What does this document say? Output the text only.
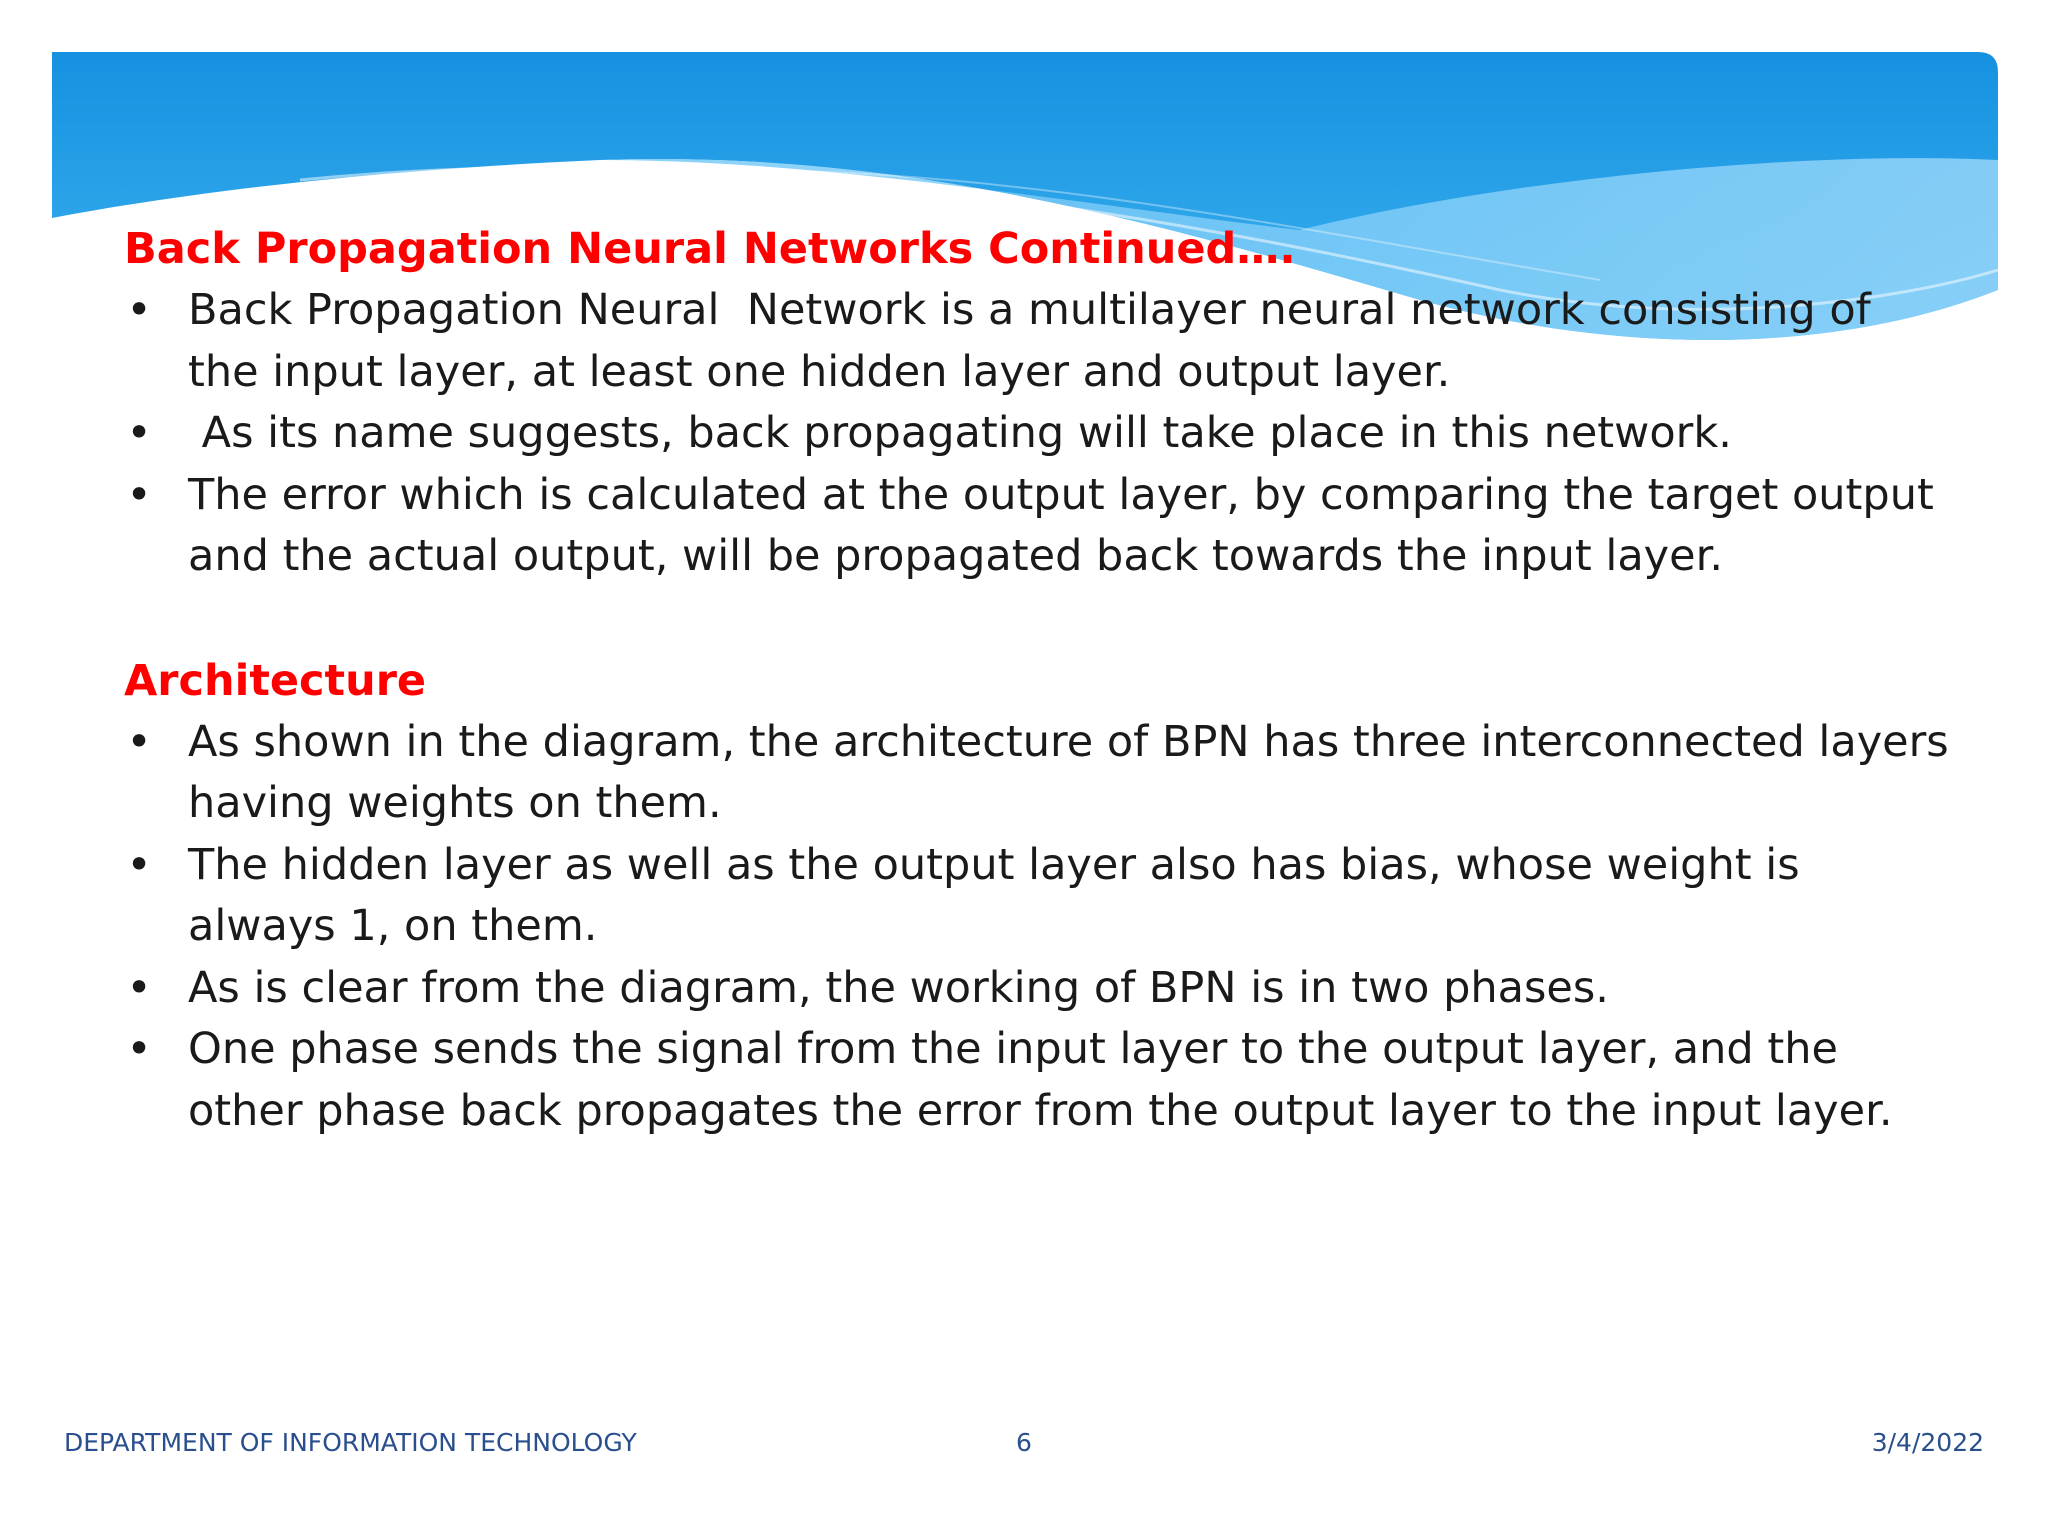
Back Propagation Neural Networks Continued….

• Back Propagation Neural  Network is a multilayer neural network consisting of the input layer, at least one hidden layer and output layer.
• As its name suggests, back propagating will take place in this network.
• The error which is calculated at the output layer, by comparing the target output and the actual output, will be propagated back towards the input layer.

Architecture

• As shown in the diagram, the architecture of BPN has three interconnected layers having weights on them.
• The hidden layer as well as the output layer also has bias, whose weight is always 1, on them.
• As is clear from the diagram, the working of BPN is in two phases.
• One phase sends the signal from the input layer to the output layer, and the other phase back propagates the error from the output layer to the input layer.
DEPARTMENT OF INFORMATION TECHNOLOGY	6	3/4/2022
